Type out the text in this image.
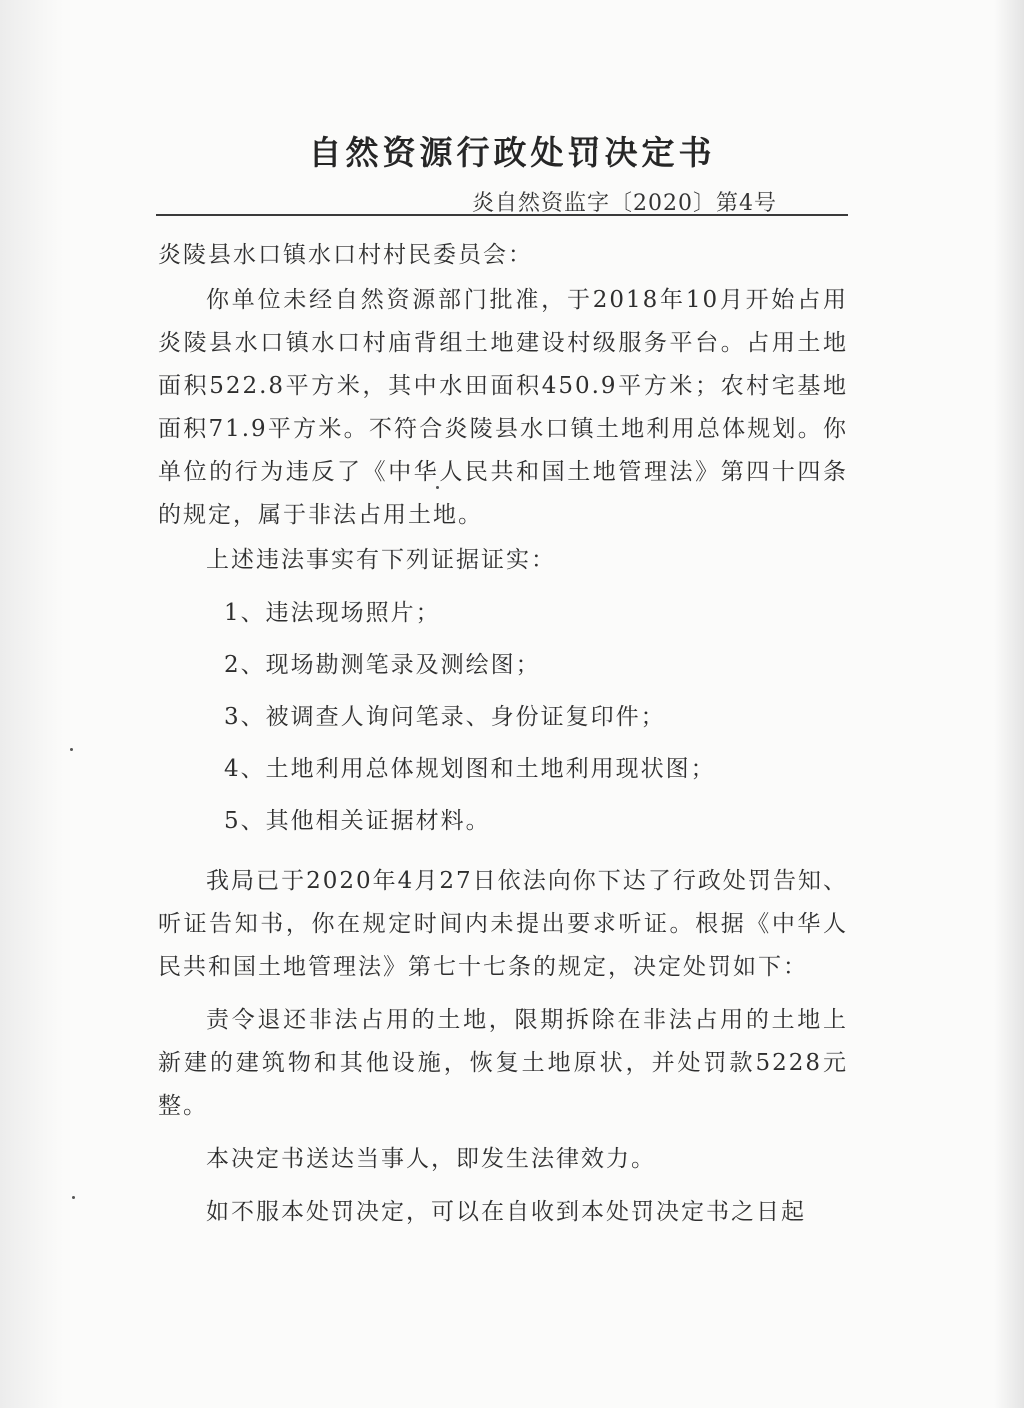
自然资源行政处罚决定书
炎自然资监字〔2020〕第4号

炎陵县水口镇水口村村民委员会：

你单位未经自然资源部门批准，于2018年10月开始占用炎陵县水口镇水口村庙背组土地建设村级服务平台。占用土地面积522.8平方米，其中水田面积450.9平方米；农村宅基地面积71.9平方米。不符合炎陵县水口镇土地利用总体规划。你单位的行为违反了《中华人民共和国土地管理法》第四十四条的规定，属于非法占用土地。

上述违法事实有下列证据证实：

1、违法现场照片；

2、现场勘测笔录及测绘图；

3、被调查人询问笔录、身份证复印件；

4、土地利用总体规划图和土地利用现状图；

5、其他相关证据材料。

我局已于2020年4月27日依法向你下达了行政处罚告知、听证告知书，你在规定时间内未提出要求听证。根据《中华人民共和国土地管理法》第七十七条的规定，决定处罚如下：

责令退还非法占用的土地，限期拆除在非法占用的土地上新建的建筑物和其他设施，恢复土地原状，并处罚款5228元整。

本决定书送达当事人，即发生法律效力。

如不服本处罚决定，可以在自收到本处罚决定书之日起
